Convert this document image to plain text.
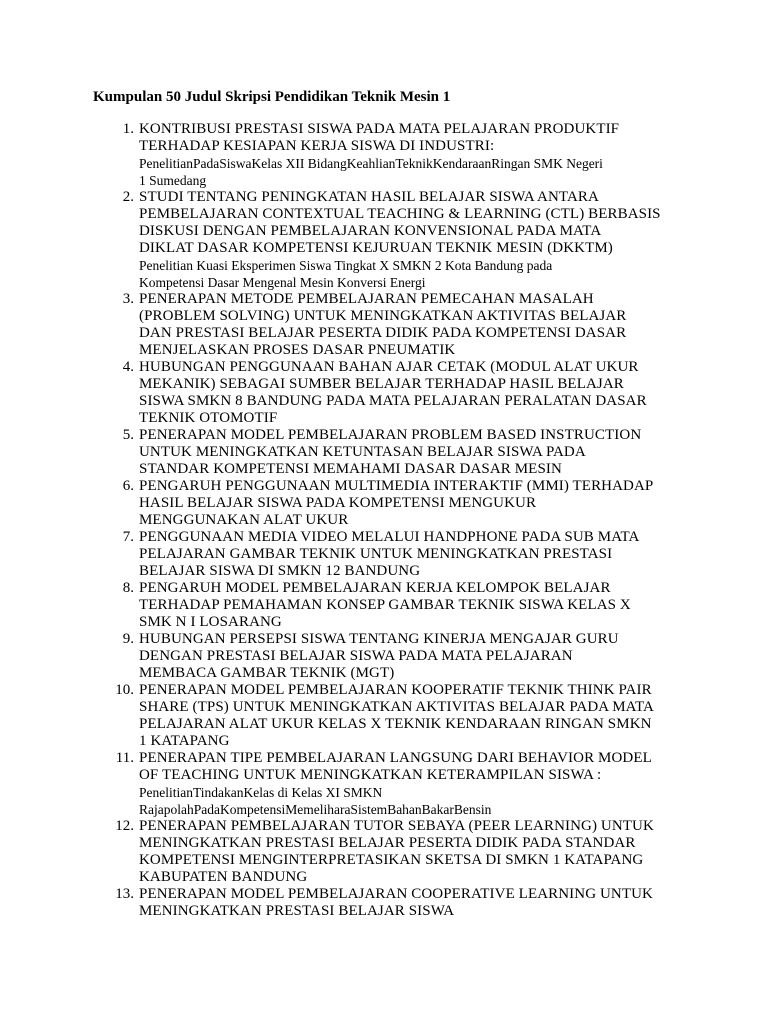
Kumpulan 50 Judul Skripsi Pendidikan Teknik Mesin 1
1. KONTRIBUSI PRESTASI SISWA PADA MATA PELAJARAN PRODUKTIF
TERHADAP KESIAPAN KERJA SISWA DI INDUSTRI:
PenelitianPadaSiswaKelas XII BidangKeahlianTeknikKendaraanRingan SMK Negeri
1 Sumedang
2. STUDI TENTANG PENINGKATAN HASIL BELAJAR SISWA ANTARA
PEMBELAJARAN CONTEXTUAL TEACHING & LEARNING (CTL) BERBASIS
DISKUSI DENGAN PEMBELAJARAN KONVENSIONAL PADA MATA
DIKLAT DASAR KOMPETENSI KEJURUAN TEKNIK MESIN (DKKTM)
Penelitian Kuasi Eksperimen Siswa Tingkat X SMKN 2 Kota Bandung pada
Kompetensi Dasar Mengenal Mesin Konversi Energi
3. PENERAPAN METODE PEMBELAJARAN PEMECAHAN MASALAH
(PROBLEM SOLVING) UNTUK MENINGKATKAN AKTIVITAS BELAJAR
DAN PRESTASI BELAJAR PESERTA DIDIK PADA KOMPETENSI DASAR
MENJELASKAN PROSES DASAR PNEUMATIK
4. HUBUNGAN PENGGUNAAN BAHAN AJAR CETAK (MODUL ALAT UKUR
MEKANIK) SEBAGAI SUMBER BELAJAR TERHADAP HASIL BELAJAR
SISWA SMKN 8 BANDUNG PADA MATA PELAJARAN PERALATAN DASAR
TEKNIK OTOMOTIF
5. PENERAPAN MODEL PEMBELAJARAN PROBLEM BASED INSTRUCTION
UNTUK MENINGKATKAN KETUNTASAN BELAJAR SISWA PADA
STANDAR KOMPETENSI MEMAHAMI DASAR DASAR MESIN
6. PENGARUH PENGGUNAAN MULTIMEDIA INTERAKTIF (MMI) TERHADAP
HASIL BELAJAR SISWA PADA KOMPETENSI MENGUKUR
MENGGUNAKAN ALAT UKUR
7. PENGGUNAAN MEDIA VIDEO MELALUI HANDPHONE PADA SUB MATA
PELAJARAN GAMBAR TEKNIK UNTUK MENINGKATKAN PRESTASI
BELAJAR SISWA DI SMKN 12 BANDUNG
8. PENGARUH MODEL PEMBELAJARAN KERJA KELOMPOK BELAJAR
TERHADAP PEMAHAMAN KONSEP GAMBAR TEKNIK SISWA KELAS X
SMK N I LOSARANG
9. HUBUNGAN PERSEPSI SISWA TENTANG KINERJA MENGAJAR GURU
DENGAN PRESTASI BELAJAR SISWA PADA MATA PELAJARAN
MEMBACA GAMBAR TEKNIK (MGT)
10. PENERAPAN MODEL PEMBELAJARAN KOOPERATIF TEKNIK THINK PAIR
SHARE (TPS) UNTUK MENINGKATKAN AKTIVITAS BELAJAR PADA MATA
PELAJARAN ALAT UKUR KELAS X TEKNIK KENDARAAN RINGAN SMKN
1 KATAPANG
11. PENERAPAN TIPE PEMBELAJARAN LANGSUNG DARI BEHAVIOR MODEL
OF TEACHING UNTUK MENINGKATKAN KETERAMPILAN SISWA :
PenelitianTindakanKelas di Kelas XI SMKN
RajapolahPadaKompetensiMemeliharaSistemBahanBakarBensin
12. PENERAPAN PEMBELAJARAN TUTOR SEBAYA (PEER LEARNING) UNTUK
MENINGKATKAN PRESTASI BELAJAR PESERTA DIDIK PADA STANDAR
KOMPETENSI MENGINTERPRETASIKAN SKETSA DI SMKN 1 KATAPANG
KABUPATEN BANDUNG
13. PENERAPAN MODEL PEMBELAJARAN COOPERATIVE LEARNING UNTUK
MENINGKATKAN PRESTASI BELAJAR SISWA
